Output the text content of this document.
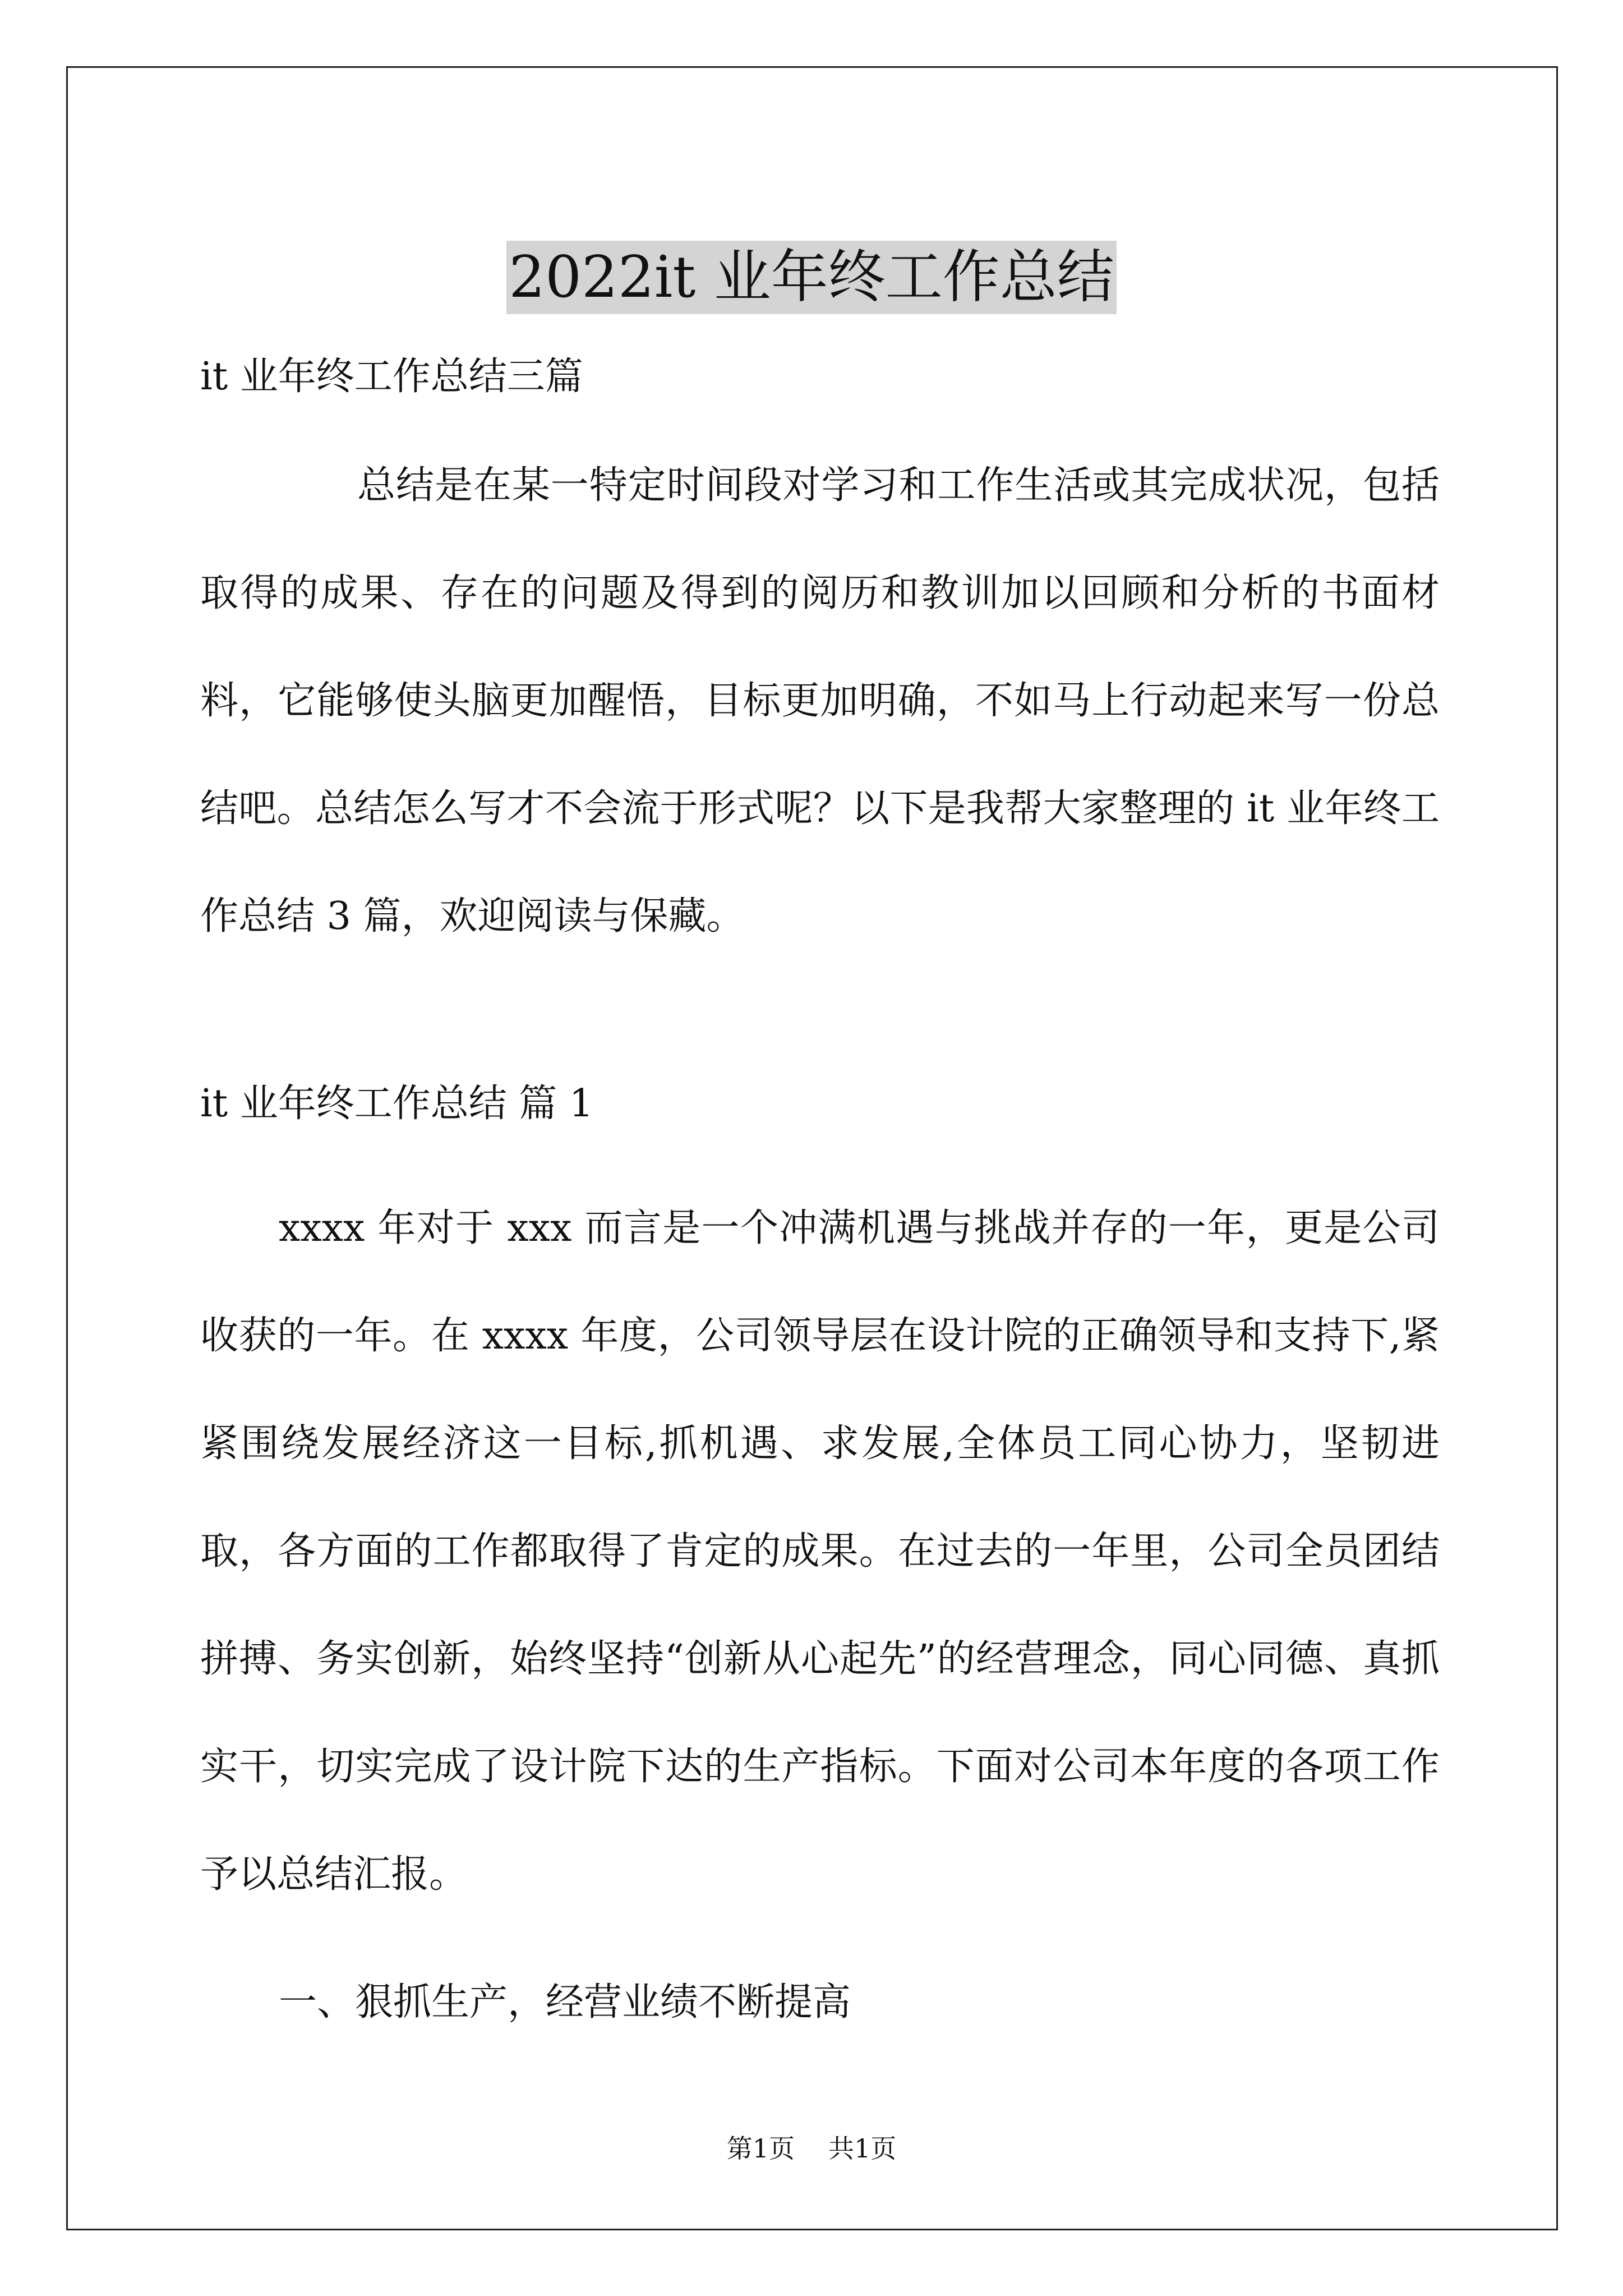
2022it 业年终工作总结

it 业年终工作总结三篇

总结是在某一特定时间段对学习和工作生活或其完成状况，包括取得的成果、存在的问题及得到的阅历和教训加以回顾和分析的书面材料，它能够使头脑更加醒悟，目标更加明确，不如马上行动起来写一份总结吧。总结怎么写才不会流于形式呢？以下是我帮大家整理的 it 业年终工作总结 3 篇，欢迎阅读与保藏。

it 业年终工作总结 篇 1

xxxx 年对于 xxx 而言是一个冲满机遇与挑战并存的一年，更是公司收获的一年。在 xxxx 年度，公司领导层在设计院的正确领导和支持下,紧紧围绕发展经济这一目标,抓机遇、求发展,全体员工同心协力，坚韧进取，各方面的工作都取得了肯定的成果。在过去的一年里，公司全员团结拼搏、务实创新，始终坚持“创新从心起先”的经营理念，同心同德、真抓实干，切实完成了设计院下达的生产指标。下面对公司本年度的各项工作予以总结汇报。

一、狠抓生产，经营业绩不断提高

第1页 共1页
